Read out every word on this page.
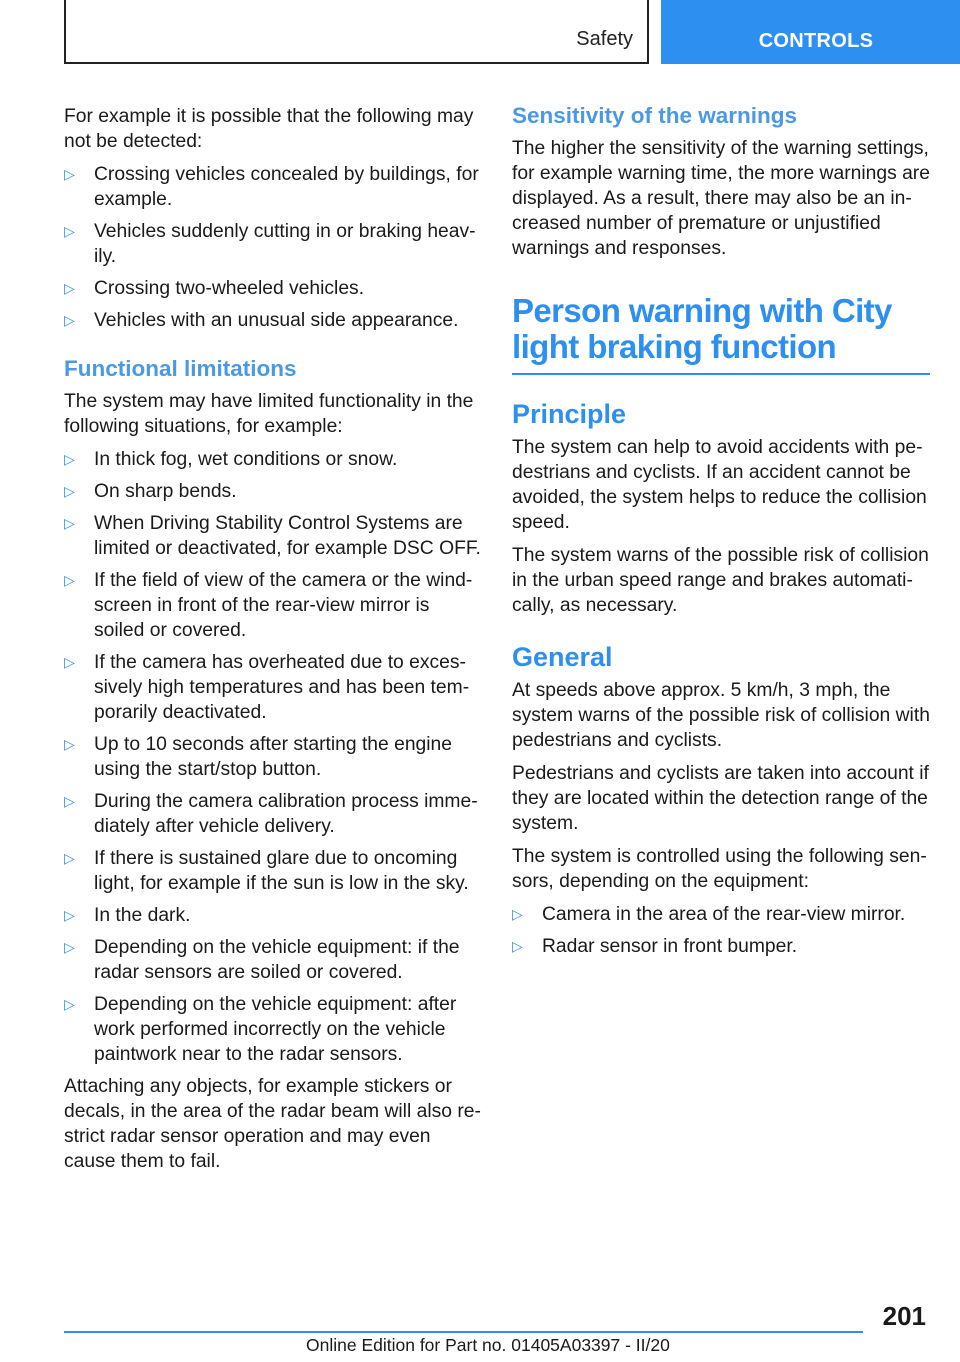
Safety	CONTROLS

For example it is possible that the following may not be detected:

▷ Crossing vehicles concealed by buildings, for example.
▷ Vehicles suddenly cutting in or braking heavily.
▷ Crossing two-wheeled vehicles.
▷ Vehicles with an unusual side appearance.
Functional limitations

The system may have limited functionality in the following situations, for example:

▷ In thick fog, wet conditions or snow.
▷ On sharp bends.
▷ When Driving Stability Control Systems are limited or deactivated, for example DSC OFF.
▷ If the field of view of the camera or the windscreen in front of the rear-view mirror is soiled or covered.
▷ If the camera has overheated due to excessively high temperatures and has been temporarily deactivated.
▷ Up to 10 seconds after starting the engine using the start/stop button.
▷ During the camera calibration process immediately after vehicle delivery.
▷ If there is sustained glare due to oncoming light, for example if the sun is low in the sky.
▷ In the dark.
▷ Depending on the vehicle equipment: if the radar sensors are soiled or covered.
▷ Depending on the vehicle equipment: after work performed incorrectly on the vehicle paintwork near to the radar sensors.

Attaching any objects, for example stickers or decals, in the area of the radar beam will also restrict radar sensor operation and may even cause them to fail.

Sensitivity of the warnings

The higher the sensitivity of the warning settings, for example warning time, the more warnings are displayed. As a result, there may also be an increased number of premature or unjustified warnings and responses.

Person warning with City light braking function
Principle

The system can help to avoid accidents with pedestrians and cyclists. If an accident cannot be avoided, the system helps to reduce the collision speed.

The system warns of the possible risk of collision in the urban speed range and brakes automatically, as necessary.

General

At speeds above approx. 5 km/h, 3 mph, the system warns of the possible risk of collision with pedestrians and cyclists.

Pedestrians and cyclists are taken into account if they are located within the detection range of the system.

The system is controlled using the following sensors, depending on the equipment:

▷ Camera in the area of the rear-view mirror.
▷ Radar sensor in front bumper.
201
Online Edition for Part no. 01405A03397 - II/20
